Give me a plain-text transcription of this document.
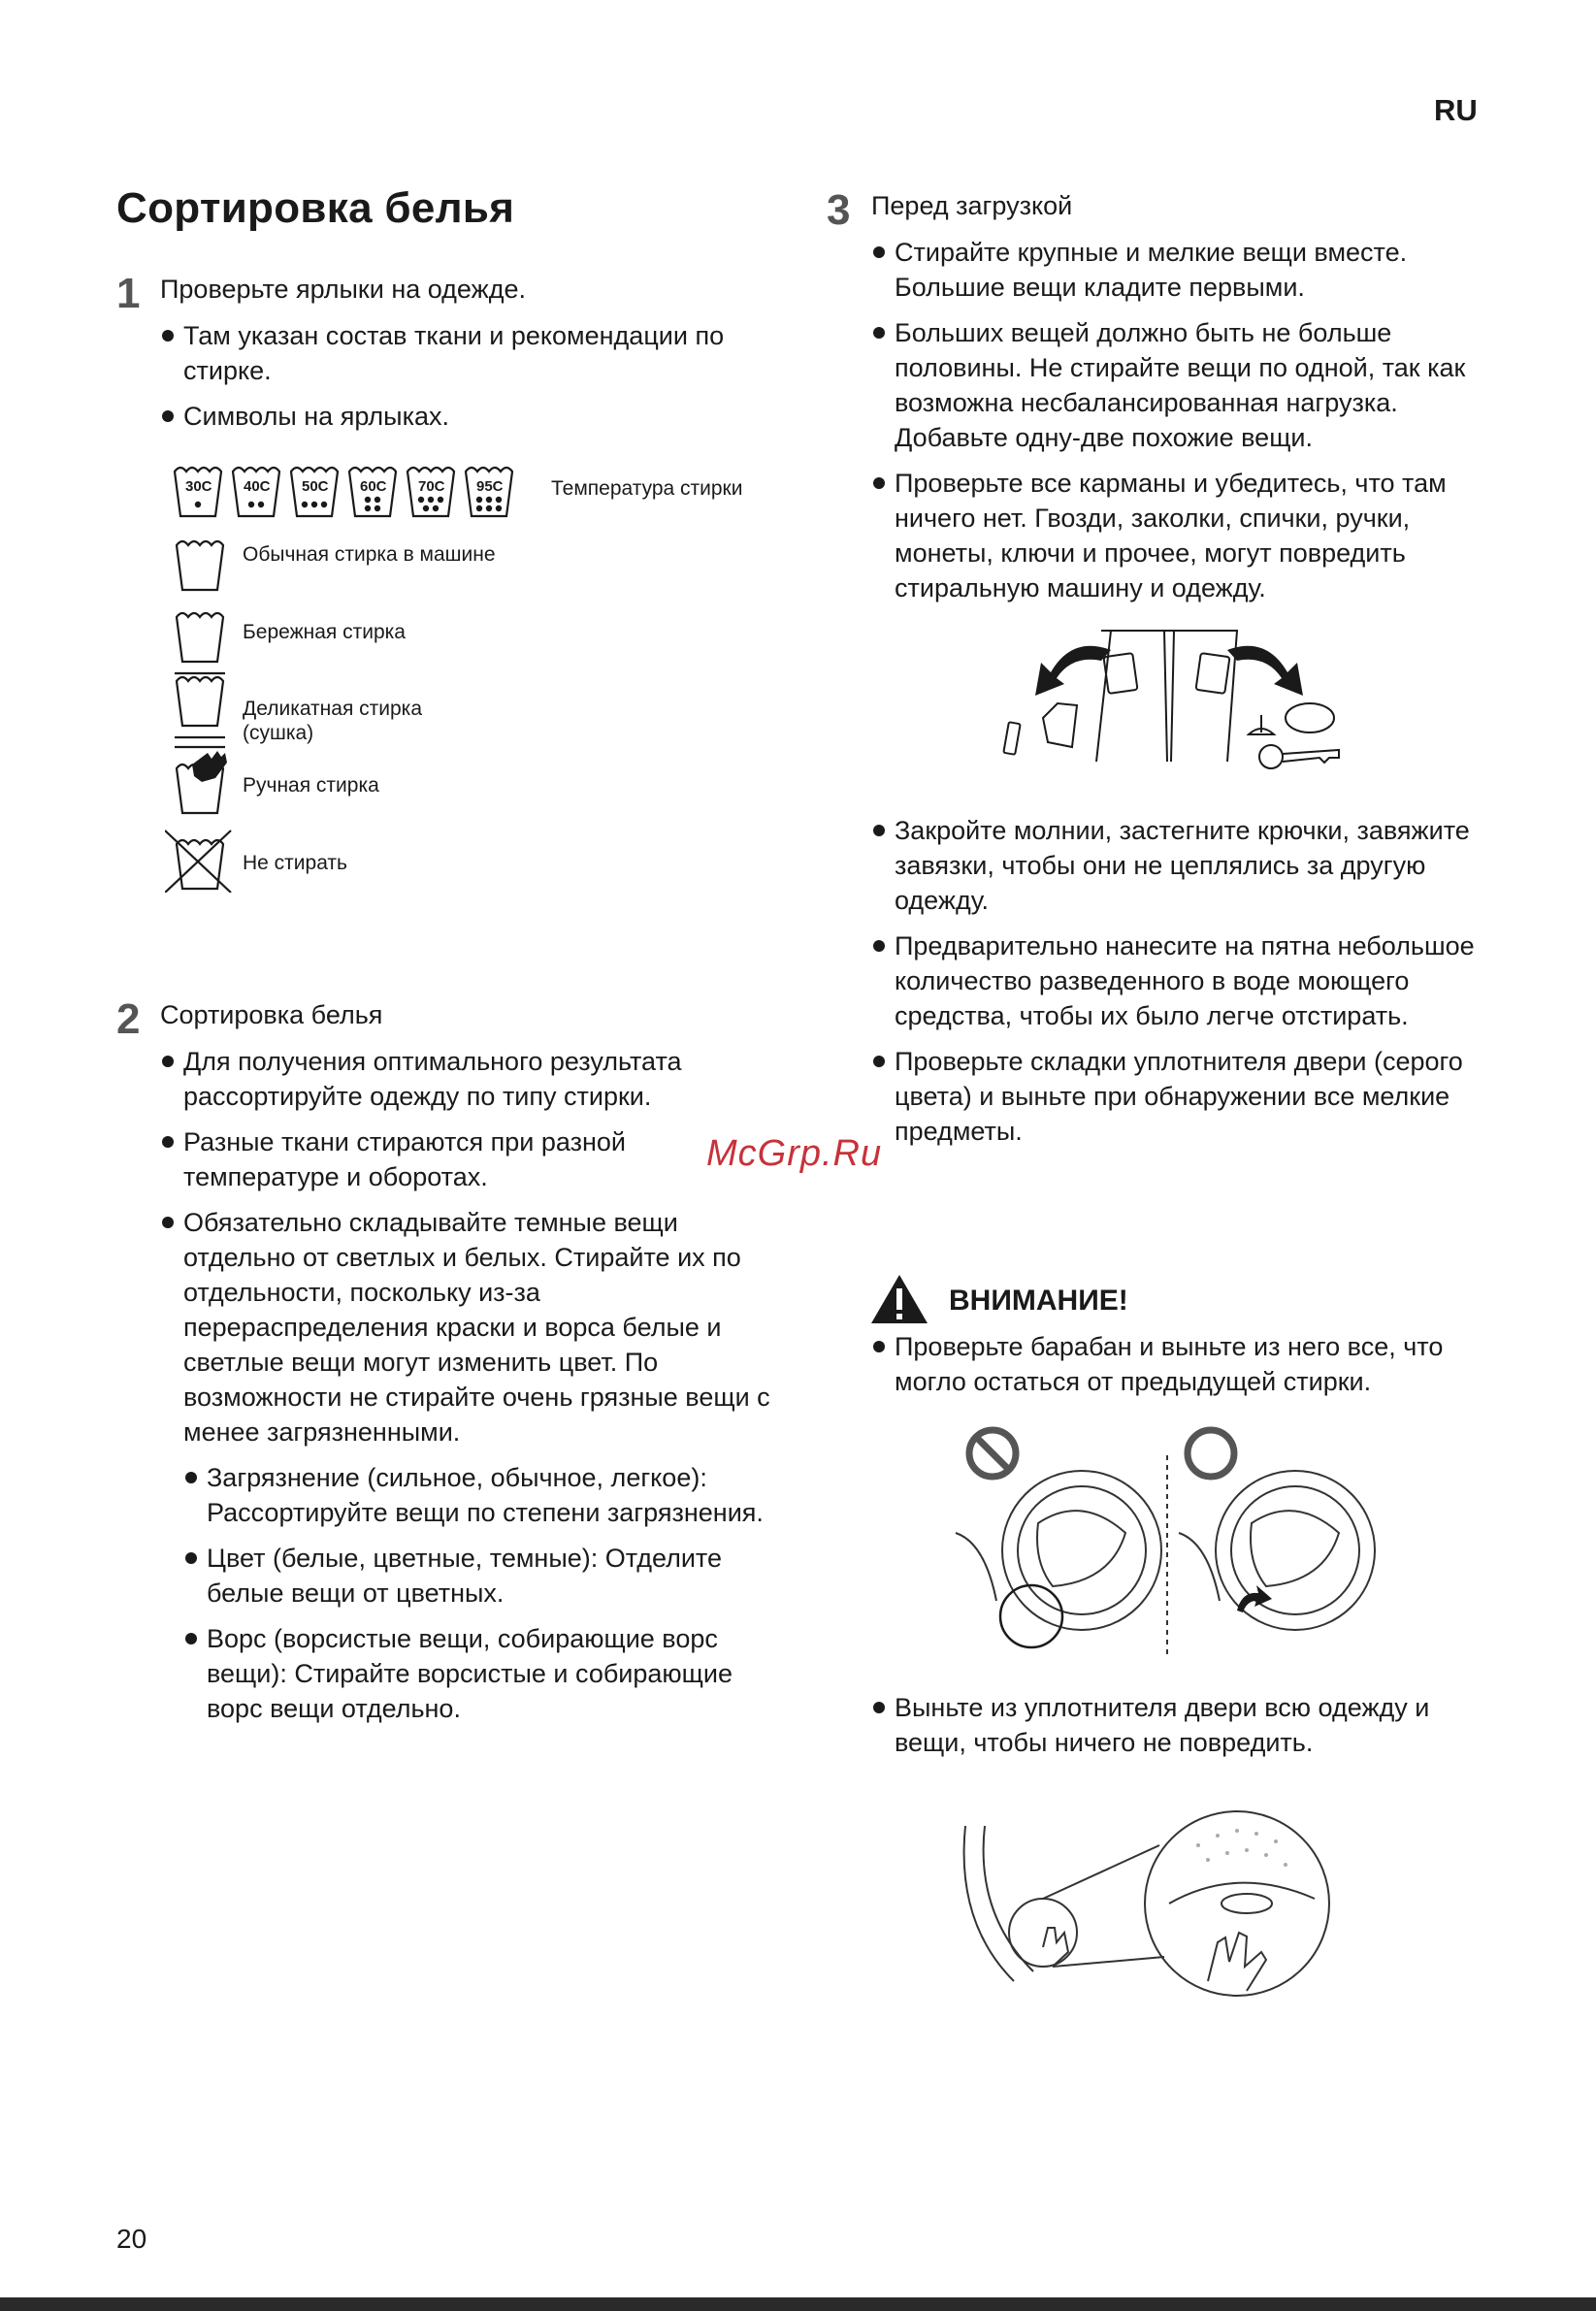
RU
Сортировка белья
1 Проверьте ярлыки на одежде.
Там указан состав ткани и рекомендации по стирке.
Символы на ярлыках.
30C 40C 50C 60C 70C 95C Температура стирки
Обычная стирка в машине
Бережная стирка
Деликатная стирка
(сушка)
Ручная стирка
Не стирать
2 Сортировка белья
Для получения оптимального результата рассортируйте одежду по типу стирки.
Разные ткани стираются при разной температуре и оборотах.
Обязательно складывайте темные вещи отдельно от светлых и белых. Стирайте их по отдельности, поскольку из-за перераспределения краски и ворса белые и светлые вещи могут изменить цвет. По возможности не стирайте очень грязные вещи с менее загрязненными.
Загрязнение (сильное, обычное, легкое): Рассортируйте вещи по степени загрязнения.
Цвет (белые, цветные, темные): Отделите белые вещи от цветных.
Ворс (ворсистые вещи, собирающие ворс вещи): Стирайте ворсистые и собирающие ворс вещи отдельно.
3 Перед загрузкой
Стирайте крупные и мелкие вещи вместе. Большие вещи кладите первыми.
Больших вещей должно быть не больше половины. Не стирайте вещи по одной, так как возможна несбалансированная нагрузка. Добавьте одну-две похожие вещи.
Проверьте все карманы и убедитесь, что там ничего нет. Гвозди, заколки, спички, ручки, монеты, ключи и прочее, могут повредить стиральную машину и одежду.
Закройте молнии, застегните крючки, завяжите завязки, чтобы они не цеплялись за другую одежду.
Предварительно нанесите на пятна небольшое количество разведенного в воде моющего средства, чтобы их было легче отстирать.
Проверьте складки уплотнителя двери (серого цвета) и выньте при обнаружении все мелкие предметы.
ВНИМАНИЕ!
Проверьте барабан и выньте из него все, что могло остаться от предыдущей стирки.
Выньте из уплотнителя двери всю одежду и вещи, чтобы ничего не повредить.
McGrp.Ru
20
